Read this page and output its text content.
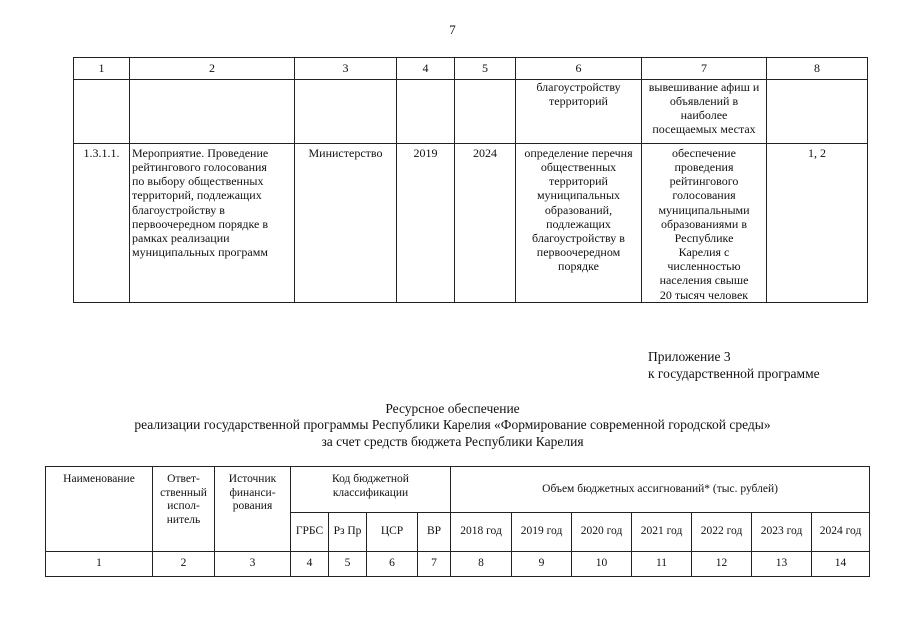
7
1	2	3	4	5	6	7	8
					благоустройству территорий	вывешивание афиш и объявлений в наиболее посещаемых местах	
1.3.1.1.	Мероприятие. Проведение рейтингового голосования по выбору общественных территорий, подлежащих благоустройству в первоочередном порядке в рамках реализации муниципальных программ	Министерство	2019	2024	определение перечня общественных территорий муниципальных образований, подлежащих благоустройству в первоочередном порядке	обеспечение проведения рейтингового голосования муниципальными образованиями в Республике Карелия с численностью населения свыше 20 тысяч человек	1, 2
Приложение 3
к государственной программе
Ресурсное обеспечение
реализации государственной программы Республики Карелия «Формирование современной городской среды»
за счет средств бюджета Республики Карелия
Наименование	Ответ-ственный испол-нитель	Источник финанси-рования	Код бюджетной классификации				Объем бюджетных ассигнований* (тыс. рублей)						
			ГРБС	Рз Пр	ЦСР	ВР	2018 год	2019 год	2020 год	2021 год	2022 год	2023 год	2024 год
1	2	3	4	5	6	7	8	9	10	11	12	13	14
